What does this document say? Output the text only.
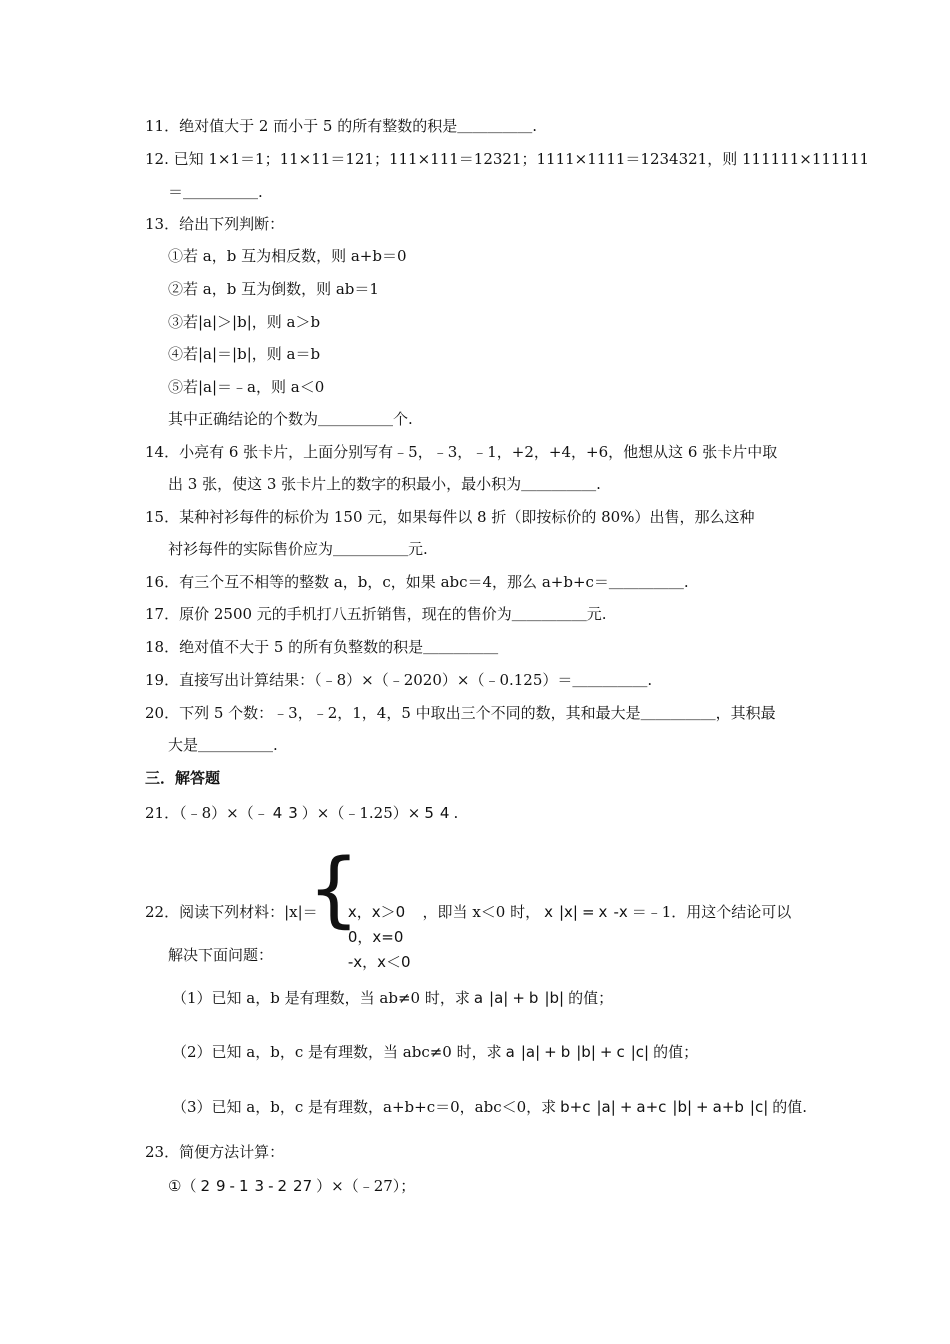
11．绝对值大于 2 而小于 5 的所有整数的积是＿＿＿＿＿.
12. 已知 1×1＝1；11×11＝121；111×111＝12321；1111×1111＝1234321，则 111111×111111
＝＿＿＿＿＿.
13．给出下列判断：
①若 a，b 互为相反数，则 a+b＝0
②若 a，b 互为倒数，则 ab＝1
③若|a|＞|b|，则 a＞b
④若|a|＝|b|，则 a＝b
⑤若|a|＝﹣a，则 a＜0
其中正确结论的个数为＿＿＿＿＿个.
14．小亮有 6 张卡片，上面分别写有﹣5，﹣3，﹣1，+2，+4，+6，他想从这 6 张卡片中取
出 3 张，使这 3 张卡片上的数字的积最小，最小积为＿＿＿＿＿.
15．某种衬衫每件的标价为 150 元，如果每件以 8 折（即按标价的 80%）出售，那么这种
衬衫每件的实际售价应为＿＿＿＿＿元.
16．有三个互不相等的整数 a，b，c，如果 abc＝4，那么 a+b+c＝＿＿＿＿＿.
17．原价 2500 元的手机打八五折销售，现在的售价为＿＿＿＿＿元.
18．绝对值不大于 5 的所有负整数的积是＿＿＿＿＿
19．直接写出计算结果：（﹣8）×（﹣2020）×（﹣0.125）＝＿＿＿＿＿.
20．下列 5 个数：﹣3，﹣2，1，4，5 中取出三个不同的数，其和最大是＿＿＿＿＿，其积最
大是＿＿＿＿＿.
三．解答题
21．（﹣8）×（﹣ 4 3 ）×（﹣1.25）× 5 4 .
22．阅读下列材料：|x|＝{
x，x＞0
0，x=0
-x，x＜0
，即当 x＜0 时， x |x| = x -x ＝﹣1．用这个结论可以
解决下面问题：
（1）已知 a，b 是有理数，当 ab≠0 时，求 a |a| + b |b| 的值；
（2）已知 a，b，c 是有理数，当 abc≠0 时，求 a |a| + b |b| + c |c| 的值；
（3）已知 a，b，c 是有理数，a+b+c＝0，abc＜0，求 b+c |a| + a+c |b| + a+b |c| 的值.
23．简便方法计算：
①（ 2 9 - 1 3 - 2 27 ）×（﹣27）；
